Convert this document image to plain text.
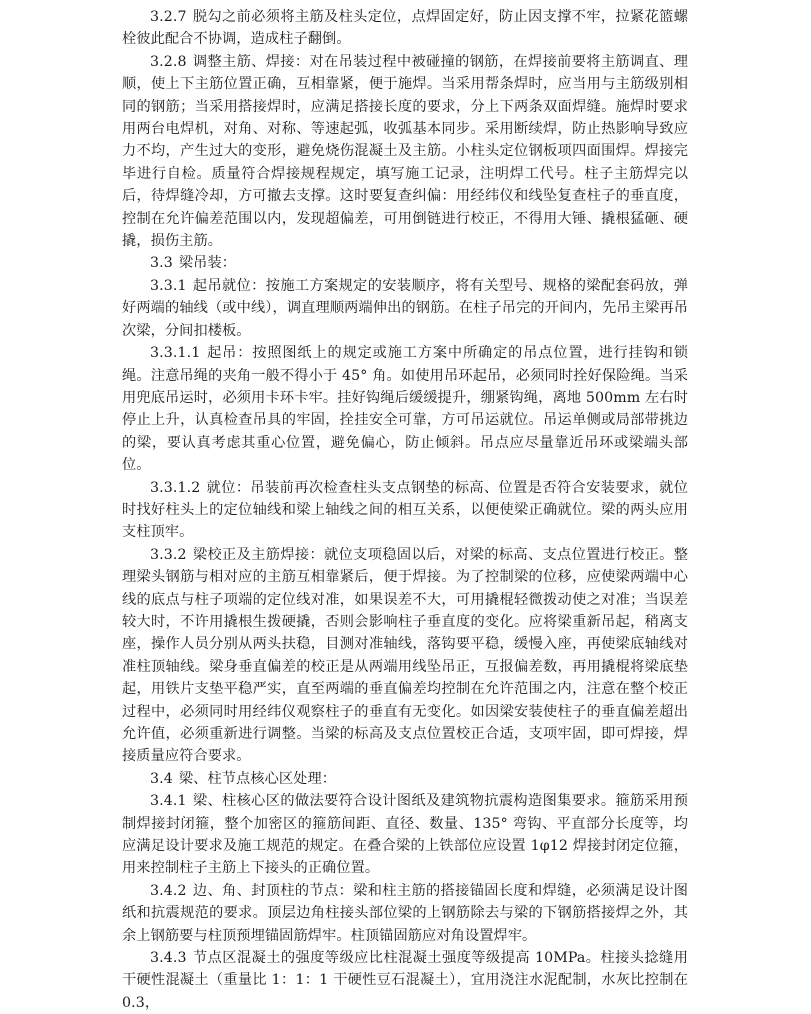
3.2.7 脱勾之前必须将主筋及柱头定位，点焊固定好，防止因支撑不牢，拉紧花篮螺栓彼此配合不协调，造成柱子翻倒。

3.2.8 调整主筋、焊接：对在吊装过程中被碰撞的钢筋，在焊接前要将主筋调直、理顺，使上下主筋位置正确，互相靠紧，便于施焊。当采用帮条焊时，应当用与主筋级别相同的钢筋；当采用搭接焊时，应满足搭接长度的要求，分上下两条双面焊缝。施焊时要求用两台电焊机，对角、对称、等速起弧，收弧基本同步。采用断续焊，防止热影响导致应力不均，产生过大的变形，避免烧伤混凝土及主筋。小柱头定位钢板项四面围焊。焊接完毕进行自检。质量符合焊接规程规定，填写施工记录，注明焊工代号。柱子主筋焊完以后，待焊缝冷却，方可撤去支撑。这时要复查纠偏：用经纬仪和线坠复查柱子的垂直度，控制在允许偏差范围以内，发现超偏差，可用倒链进行校正，不得用大锤、撬根猛砸、硬撬，损伤主筋。

3.3 梁吊装：

3.3.1 起吊就位：按施工方案规定的安装顺序，将有关型号、规格的梁配套码放，弹好两端的轴线（或中线），调直理顺两端伸出的钢筋。在柱子吊完的开间内，先吊主梁再吊次梁，分间扣楼板。

3.3.1.1 起吊：按照图纸上的规定或施工方案中所确定的吊点位置，进行挂钩和锁绳。注意吊绳的夹角一般不得小于 45° 角。如使用吊环起吊，必须同时拴好保险绳。当采用兜底吊运时，必须用卡环卡牢。挂好钩绳后缓缓提升，绷紧钩绳，离地 500mm 左右时停止上升，认真检查吊具的牢固，拴挂安全可靠，方可吊运就位。吊运单侧或局部带挑边的梁，要认真考虑其重心位置，避免偏心，防止倾斜。吊点应尽量靠近吊环或梁端头部位。

3.3.1.2 就位：吊装前再次检查柱头支点钢垫的标高、位置是否符合安装要求，就位时找好柱头上的定位轴线和梁上轴线之间的相互关系，以便使梁正确就位。梁的两头应用支柱顶牢。

3.3.2 梁校正及主筋焊接：就位支项稳固以后，对梁的标高、支点位置进行校正。整理梁头钢筋与相对应的主筋互相靠紧后，便于焊接。为了控制梁的位移，应使梁两端中心线的底点与柱子项端的定位线对准，如果误差不大，可用撬棍轻微拨动使之对准；当误差较大时，不许用撬根生拨硬撬，否则会影响柱子垂直度的变化。应将梁重新吊起，稍离支座，操作人员分别从两头扶稳，目测对准轴线，落钩要平稳，缓慢入座，再使梁底轴线对准柱顶轴线。梁身垂直偏差的校正是从两端用线坠吊正，互报偏差数，再用撬棍将梁底垫起，用铁片支垫平稳严实，直至两端的垂直偏差均控制在允许范围之内，注意在整个校正过程中，必须同时用经纬仪观察柱子的垂直有无变化。如因梁安装使柱子的垂直偏差超出允许值，必须重新进行调整。当梁的标高及支点位置校正合适，支项牢固，即可焊接，焊接质量应符合要求。

3.4 梁、柱节点核心区处理：

3.4.1 梁、柱核心区的做法要符合设计图纸及建筑物抗震构造图集要求。箍筋采用预制焊接封闭箍，整个加密区的箍筋间距、直径、数量、135° 弯钩、平直部分长度等，均应满足设计要求及施工规范的规定。在叠合梁的上铁部位应设置 1φ12 焊接封闭定位箍，用来控制柱子主筋上下接头的正确位置。

3.4.2 边、角、封顶柱的节点：梁和柱主筋的搭接锚固长度和焊缝，必须满足设计图纸和抗震规范的要求。顶层边角柱接头部位梁的上钢筋除去与梁的下钢筋搭接焊之外，其余上钢筋要与柱顶预埋锚固筋焊牢。柱顶锚固筋应对角设置焊牢。

3.4.3 节点区混凝土的强度等级应比柱混凝土强度等级提高 10MPa。柱接头捻缝用干硬性混凝土（重量比 1：1：1 干硬性豆石混凝土），宜用浇注水泥配制，水灰比控制在 0.3，
